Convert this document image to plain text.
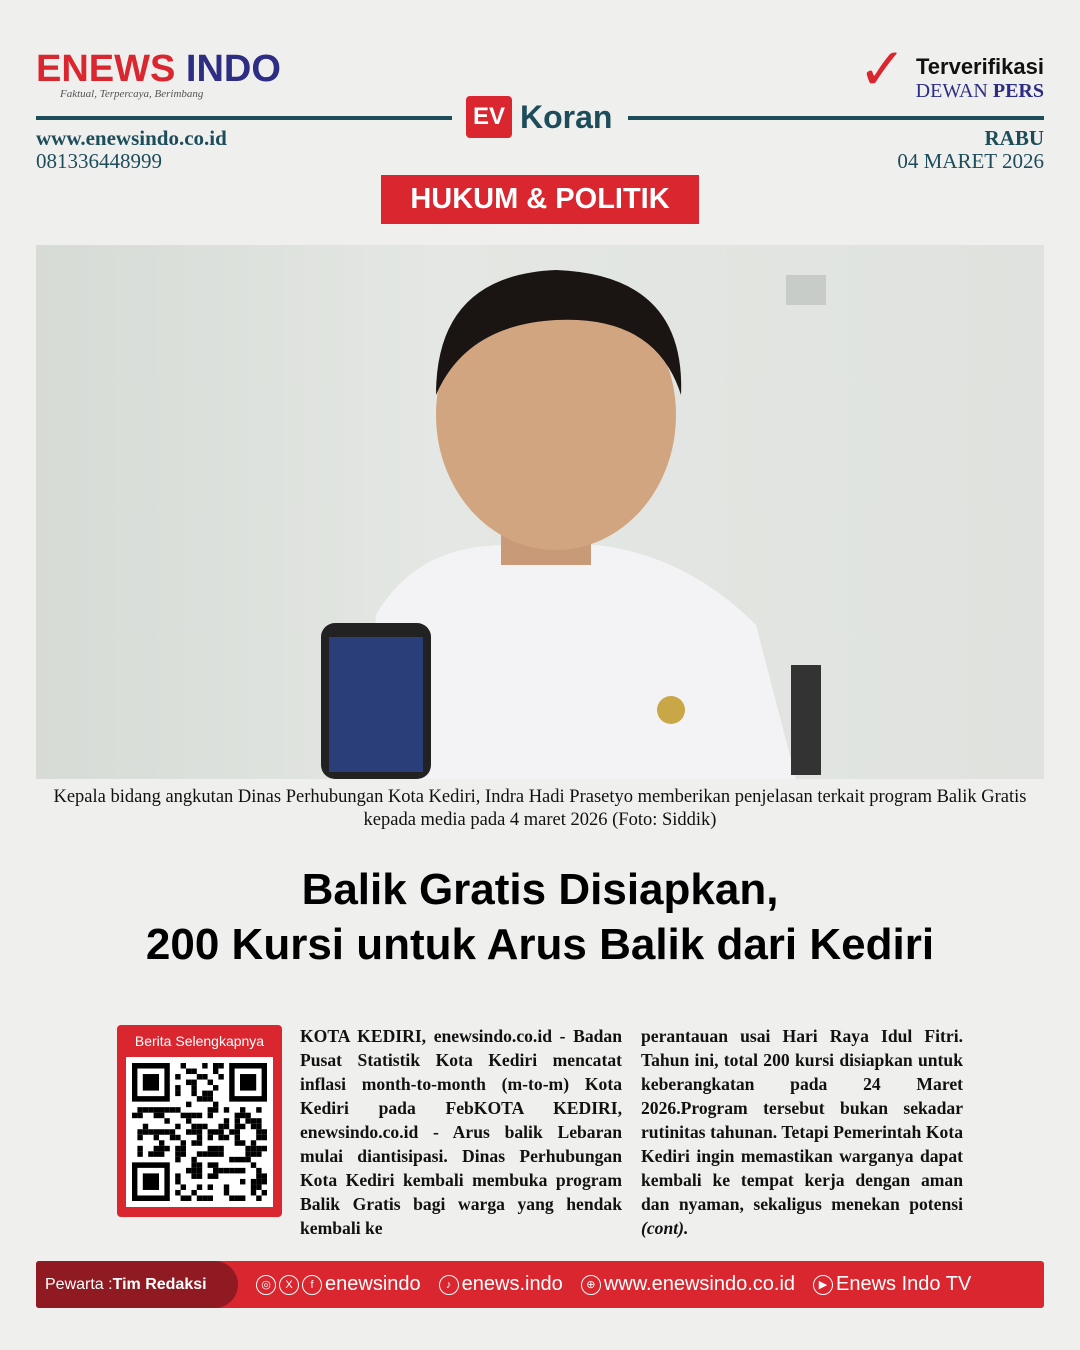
ENEWS INDO
Faktual, Terpercaya, Berimbang
EV Koran
www.enewsindo.co.id
081336448999
✓ Terverifikasi
DEWAN PERS
RABU
04 MARET 2026
HUKUM & POLITIK
Kepala bidang angkutan Dinas Perhubungan Kota Kediri, Indra Hadi Prasetyo memberikan penjelasan terkait program Balik Gratis kepada media pada 4 maret 2026 (Foto: Siddik)
Balik Gratis Disiapkan,
200 Kursi untuk Arus Balik dari Kediri
Berita Selengkapnya	KOTA KEDIRI, enewsindo.co.id - Badan Pusat Statistik Kota Kediri mencatat inflasi month-to-month (m-to-m) Kota Kediri pada FebKOTA KEDIRI, enewsindo.co.id - Arus balik Lebaran mulai diantisipasi. Dinas Perhubungan Kota Kediri kembali membuka program Balik Gratis bagi warga yang hendak kembali ke
perantauan usai Hari Raya Idul Fitri. Tahun ini, total 200 kursi disiapkan untuk keberangkatan pada 24 Maret 2026.Program tersebut bukan sekadar rutinitas tahunan. Tetapi Pemerintah Kota Kediri ingin memastikan warganya dapat kembali ke tempat kerja dengan aman dan nyaman, sekaligus menekan potensi (cont).
Pewarta : Tim Redaksi	◎	X	f enewsindo	♪ enews.indo	⊕ www.enewsindo.co.id	▶ Enews Indo TV
